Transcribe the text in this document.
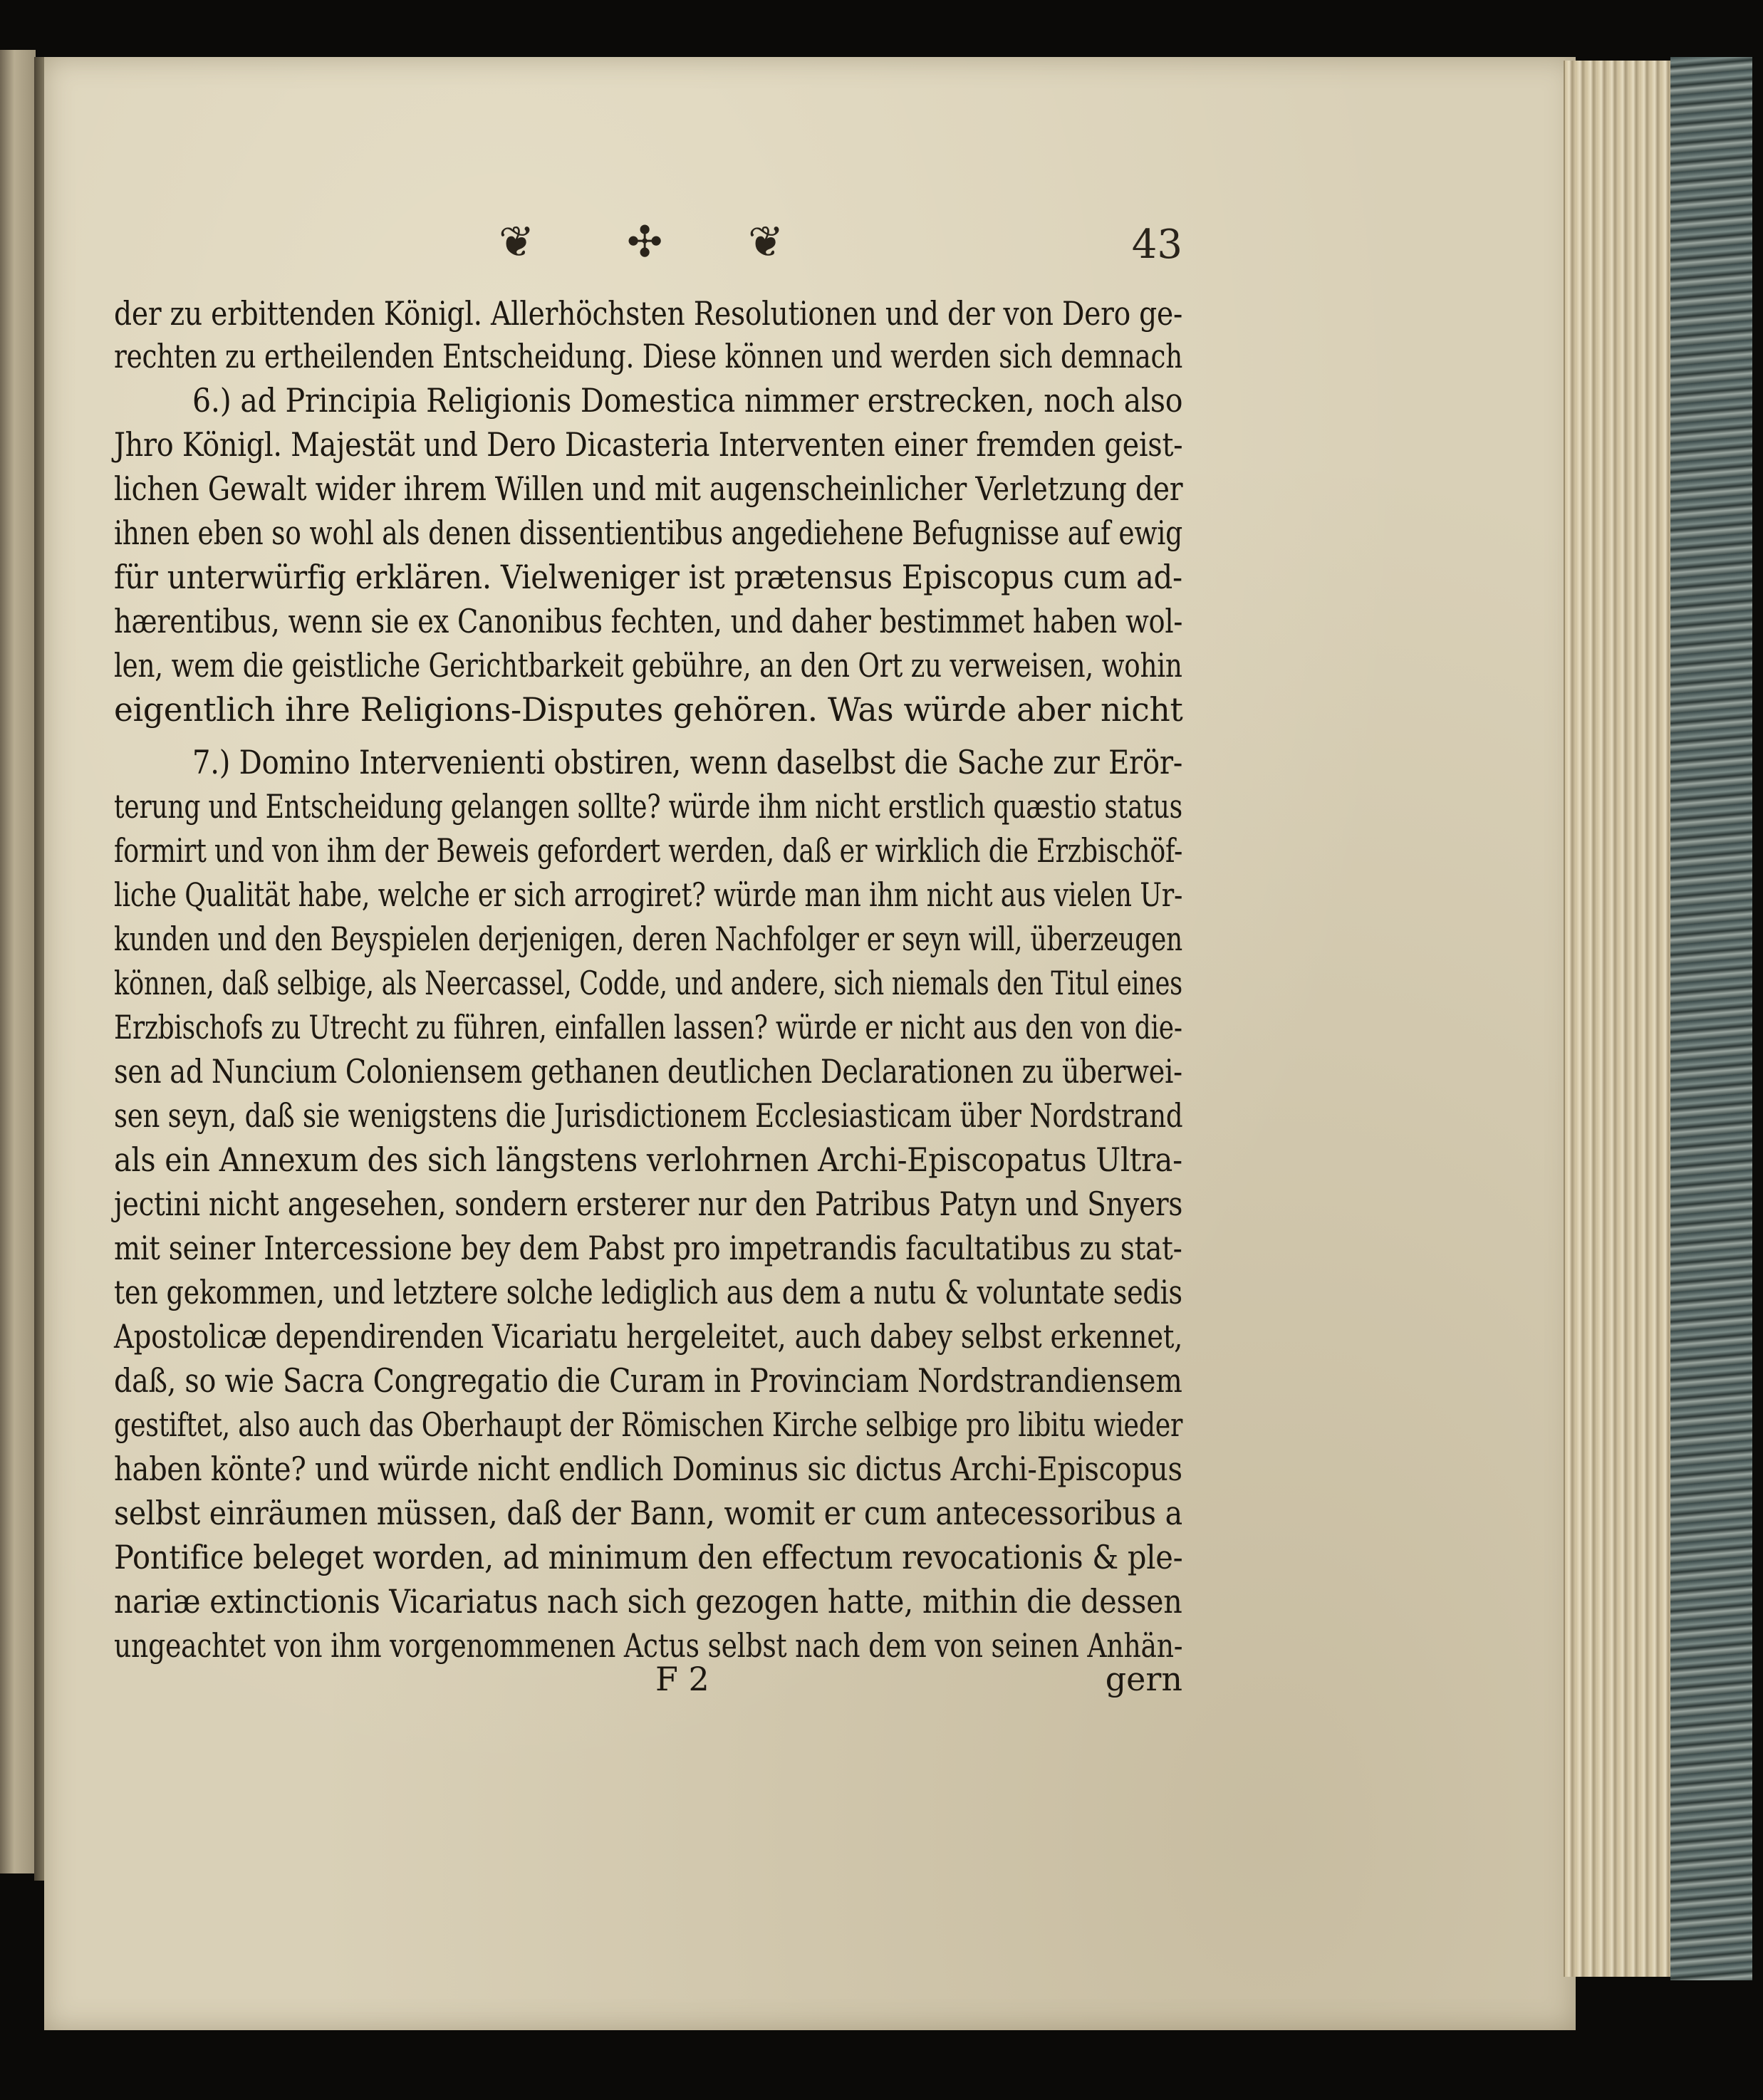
❦ ✣ ❦	43
der zu erbittenden Königl. Allerhöchsten Resolutionen und der von Dero ge-
rechten zu ertheilenden Entscheidung. Diese können und werden sich demnach
6.) ad Principia Religionis Domestica nimmer erstrecken, noch also
Jhro Königl. Majestät und Dero Dicasteria Interventen einer fremden geist-
lichen Gewalt wider ihrem Willen und mit augenscheinlicher Verletzung der
ihnen eben so wohl als denen dissentientibus angediehene Befugnisse auf ewig
für unterwürfig erklären. Vielweniger ist prætensus Episcopus cum ad-
hærentibus, wenn sie ex Canonibus fechten, und daher bestimmet haben wol-
len, wem die geistliche Gerichtbarkeit gebühre, an den Ort zu verweisen, wohin
eigentlich ihre Religions-Disputes gehören. Was würde aber nicht
7.) Domino Intervenienti obstiren, wenn daselbst die Sache zur Erör-
terung und Entscheidung gelangen sollte? würde ihm nicht erstlich quæstio status
formirt und von ihm der Beweis gefordert werden, daß er wirklich die Erzbischöf-
liche Qualität habe, welche er sich arrogiret? würde man ihm nicht aus vielen Ur-
kunden und den Beyspielen derjenigen, deren Nachfolger er seyn will, überzeugen
können, daß selbige, als Neercassel, Codde, und andere, sich niemals den Titul eines
Erzbischofs zu Utrecht zu führen, einfallen lassen? würde er nicht aus den von die-
sen ad Nuncium Coloniensem gethanen deutlichen Declarationen zu überwei-
sen seyn, daß sie wenigstens die Jurisdictionem Ecclesiasticam über Nordstrand
als ein Annexum des sich längstens verlohrnen Archi-Episcopatus Ultra-
jectini nicht angesehen, sondern ersterer nur den Patribus Patyn und Snyers
mit seiner Intercessione bey dem Pabst pro impetrandis facultatibus zu stat-
ten gekommen, und letztere solche lediglich aus dem a nutu & voluntate sedis
Apostolicæ dependirenden Vicariatu hergeleitet, auch dabey selbst erkennet,
daß, so wie Sacra Congregatio die Curam in Provinciam Nordstrandiensem
gestiftet, also auch das Oberhaupt der Römischen Kirche selbige pro libitu wieder
haben könte? und würde nicht endlich Dominus sic dictus Archi-Episcopus
selbst einräumen müssen, daß der Bann, womit er cum antecessoribus a
Pontifice beleget worden, ad minimum den effectum revocationis & ple-
nariæ extinctionis Vicariatus nach sich gezogen hatte, mithin die dessen
ungeachtet von ihm vorgenommenen Actus selbst nach dem von seinen Anhän-
F 2	gern
